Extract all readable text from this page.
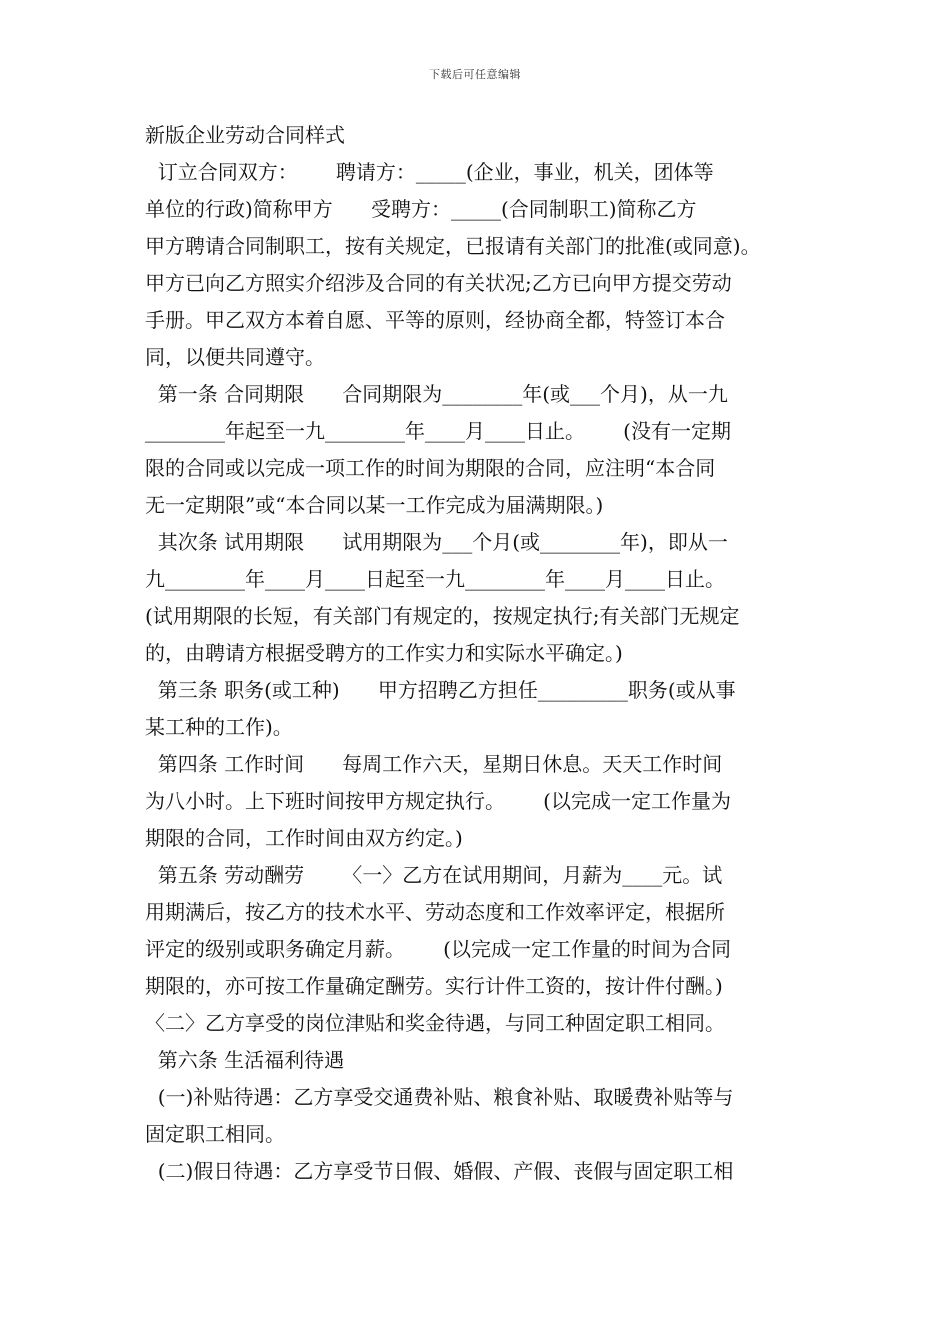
下载后可任意编辑
新版企业劳动合同样式
订立合同双方：      聘请方：_____(企业，事业，机关，团体等
单位的行政)简称甲方      受聘方：_____(合同制职工)简称乙方
甲方聘请合同制职工，按有关规定，已报请有关部门的批准(或同意)。
甲方已向乙方照实介绍涉及合同的有关状况;乙方已向甲方提交劳动
手册。甲乙双方本着自愿、平等的原则，经协商全都，特签订本合
同，以便共同遵守。
第一条 合同期限      合同期限为________年(或___个月)，从一九
________年起至一九________年____月____日止。      (没有一定期
限的合同或以完成一项工作的时间为期限的合同，应注明“本合同
无一定期限”或“本合同以某一工作完成为届满期限。)
其次条 试用期限      试用期限为___个月(或________年)，即从一
九________年____月____日起至一九________年____月____日止。
(试用期限的长短，有关部门有规定的，按规定执行;有关部门无规定
的，由聘请方根据受聘方的工作实力和实际水平确定。)
第三条 职务(或工种)      甲方招聘乙方担任_________职务(或从事
某工种的工作)。
第四条 工作时间      每周工作六天，星期日休息。天天工作时间
为八小时。上下班时间按甲方规定执行。      (以完成一定工作量为
期限的合同，工作时间由双方约定。)
第五条 劳动酬劳      〈一〉乙方在试用期间，月薪为____元。试
用期满后，按乙方的技术水平、劳动态度和工作效率评定，根据所
评定的级别或职务确定月薪。      (以完成一定工作量的时间为合同
期限的，亦可按工作量确定酬劳。实行计件工资的，按计件付酬。)
〈二〉乙方享受的岗位津贴和奖金待遇，与同工种固定职工相同。
第六条 生活福利待遇
(一)补贴待遇：乙方享受交通费补贴、粮食补贴、取暖费补贴等与
固定职工相同。
(二)假日待遇：乙方享受节日假、婚假、产假、丧假与固定职工相
